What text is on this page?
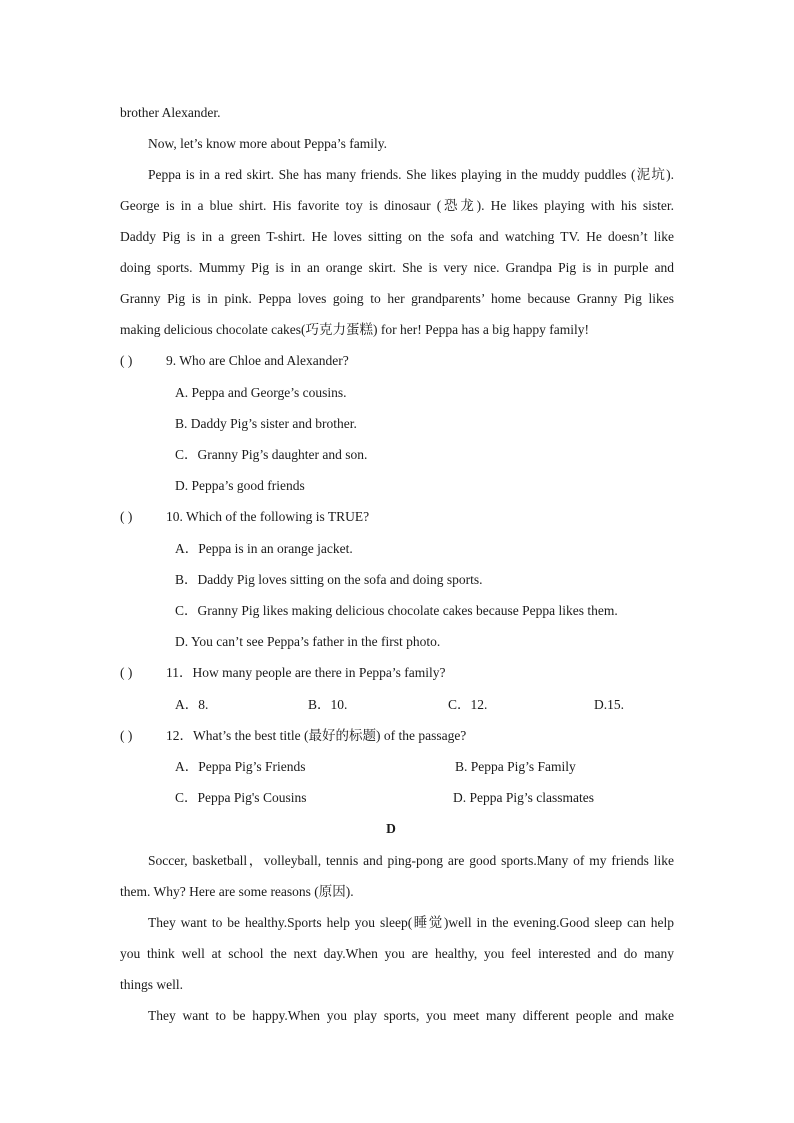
brother Alexander.
Now, let’s know more about Peppa’s family.
Peppa is in a red skirt. She has many friends. She likes playing in the muddy puddles (泥坑).
George is in a blue shirt. His favorite toy is dinosaur (恐龙). He likes playing with his sister.
Daddy Pig is in a green T-shirt. He loves sitting on the sofa and watching TV. He doesn’t like
doing sports. Mummy Pig is in an orange skirt. She is very nice. Grandpa Pig is in purple and
Granny Pig is in pink. Peppa loves going to her grandparents’ home because Granny Pig likes
making delicious chocolate cakes(巧克力蛋糕) for her! Peppa has a big happy family!
( ) 9. Who are Chloe and Alexander?
A. Peppa and George’s cousins.
B. Daddy Pig’s sister and brother.
C．Granny Pig’s daughter and son.
D. Peppa’s good friends
( ) 10. Which of the following is TRUE?
A．Peppa is in an orange jacket.
B．Daddy Pig loves sitting on the sofa and doing sports.
C．Granny Pig likes making delicious chocolate cakes because Peppa likes them.
D. You can’t see Peppa’s father in the first photo.
( ) 11．How many people are there in Peppa’s family?
A．8.	B．10.	C．12.	D.15.
( ) 12．What’s the best title (最好的标题) of the passage?
A．Peppa Pig’s Friends	B. Peppa Pig’s Family
C．Peppa Pig's Cousins	D. Peppa Pig’s classmates
D
Soccer, basketball，volleyball, tennis and ping-pong are good sports.Many of my friends like
them. Why? Here are some reasons (原因).
They want to be healthy.Sports help you sleep(睡觉)well in the evening.Good sleep can help
you think well at school the next day.When you are healthy, you feel interested and do many
things well.
They want to be happy.When you play sports, you meet many different people and make
